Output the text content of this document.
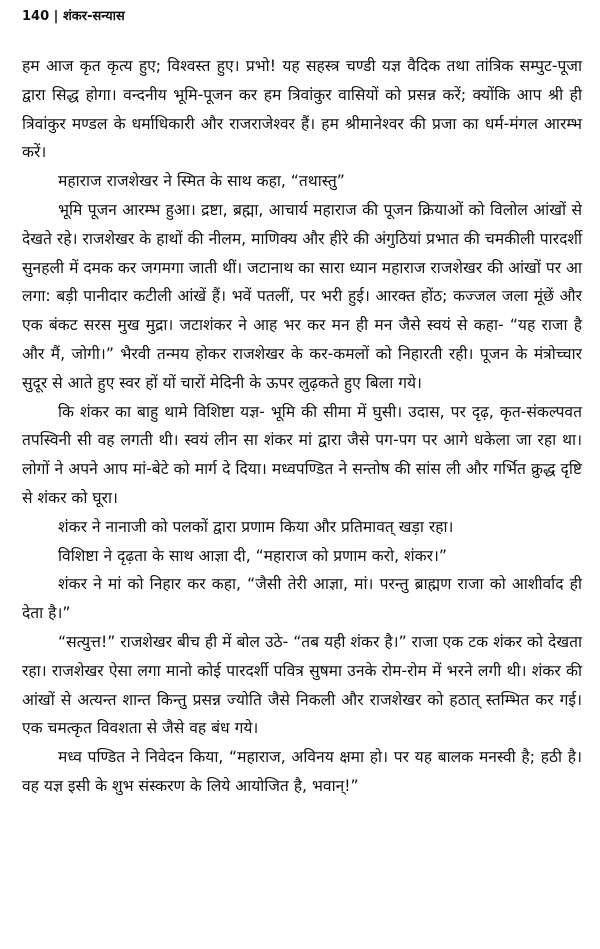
140 | शंकर-सन्यास

हम आज कृत कृत्य हुए; विश्वस्त हुए। प्रभो! यह सहस्त्र चण्डी यज्ञ वैदिक तथा तांत्रिक सम्पुट-पूजा द्वारा सिद्ध होगा। वन्दनीय भूमि-पूजन कर हम त्रिवांकुर वासियों को प्रसन्न करें; क्योंकि आप श्री ही त्रिवांकुर मण्डल के धर्माधिकारी और राजराजेश्वर हैं। हम श्रीमानेश्वर की प्रजा का धर्म-मंगल आरम्भ करें।

महाराज राजशेखर ने स्मित के साथ कहा, “तथास्तु”

भूमि पूजन आरम्भ हुआ। द्रष्टा, ब्रह्मा, आचार्य महाराज की पूजन क्रियाओं को विलोल आंखों से देखते रहे। राजशेखर के हाथों की नीलम, माणिक्य और हीरे की अंगुठियां प्रभात की चमकीली पारदर्शी सुनहली में दमक कर जगमगा जाती थीं। जटानाथ का सारा ध्यान महाराज राजशेखर की आंखों पर आ लगा: बड़ी पानीदार कटीली आंखें हैं। भवें पतलीं, पर भरी हुई। आरक्त होंठ; कज्जल जला मूंछें और एक बंकट सरस मुख मुद्रा। जटाशंकर ने आह भर कर मन ही मन जैसे स्वयं से कहा- “यह राजा है और मैं, जोगी।” भैरवी तन्मय होकर राजशेखर के कर-कमलों को निहारती रही। पूजन के मंत्रोच्चार सुदूर से आते हुए स्वर हों यों चारों मेदिनी के ऊपर लुढ़कते हुए बिला गये।

कि शंकर का बाहु थामे विशिष्टा यज्ञ- भूमि की सीमा में घुसी। उदास, पर दृढ़, कृत-संकल्पवत तपस्विनी सी वह लगती थी। स्वयं लीन सा शंकर मां द्वारा जैसे पग-पग पर आगे धकेला जा रहा था। लोगों ने अपने आप मां-बेटे को मार्ग दे दिया। मध्वपण्डित ने सन्तोष की सांस ली और गर्भित क्रुद्ध दृष्टि से शंकर को घूरा।

शंकर ने नानाजी को पलकों द्वारा प्रणाम किया और प्रतिमावत् खड़ा रहा।

विशिष्टा ने दृढ़ता के साथ आज्ञा दी, “महाराज को प्रणाम करो, शंकर।”

शंकर ने मां को निहार कर कहा, “जैसी तेरी आज्ञा, मां। परन्तु ब्राह्मण राजा को आशीर्वाद ही देता है।”

“सत्युत्त!” राजशेखर बीच ही में बोल उठे- “तब यही शंकर है।” राजा एक टक शंकर को देखता रहा। राजशेखर ऐसा लगा मानो कोई पारदर्शी पवित्र सुषमा उनके रोम-रोम में भरने लगी थी। शंकर की आंखों से अत्यन्त शान्त किन्तु प्रसन्न ज्योति जैसे निकली और राजशेखर को हठात् स्तम्भित कर गई। एक चमत्कृत विवशता से जैसे वह बंध गये।

मध्व पण्डित ने निवेदन किया, “महाराज, अविनय क्षमा हो। पर यह बालक मनस्वी है; हठी है। वह यज्ञ इसी के शुभ संस्करण के लिये आयोजित है, भवान्!”
